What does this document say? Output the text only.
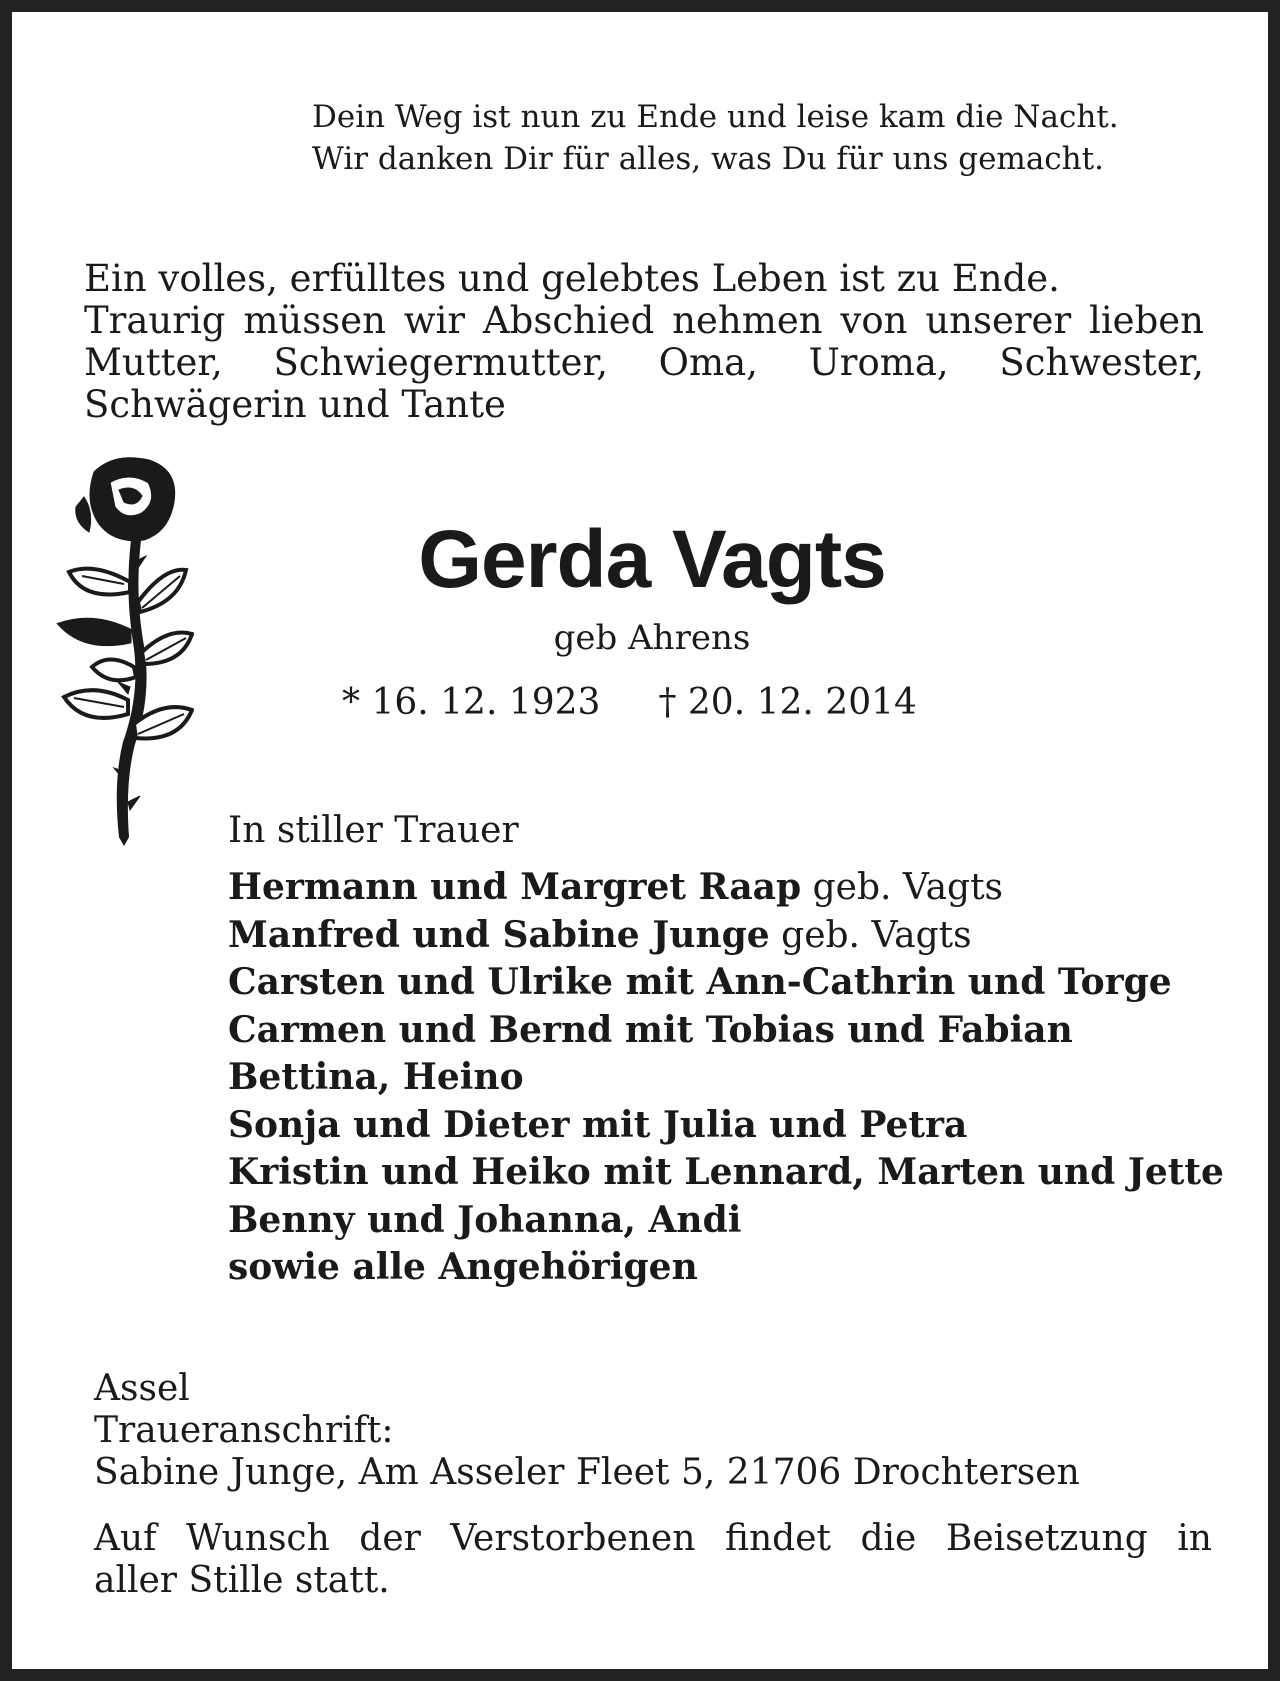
Dein Weg ist nun zu Ende und leise kam die Nacht.
Wir danken Dir für alles, was Du für uns gemacht.
Ein volles, erfülltes und gelebtes Leben ist zu Ende.
Traurig müssen wir Abschied nehmen von unserer lieben
Mutter, Schwiegermutter, Oma, Uroma, Schwester,
Schwägerin und Tante
Gerda Vagts
geb Ahrens
* 16. 12. 1923 † 20. 12. 2014
In stiller Trauer
Hermann und Margret Raap geb. Vagts
Manfred und Sabine Junge geb. Vagts
Carsten und Ulrike mit Ann-Cathrin und Torge
Carmen und Bernd mit Tobias und Fabian
Bettina, Heino
Sonja und Dieter mit Julia und Petra
Kristin und Heiko mit Lennard, Marten und Jette
Benny und Johanna, Andi
sowie alle Angehörigen
Assel
Traueranschrift:
Sabine Junge, Am Asseler Fleet 5, 21706 Drochtersen
Auf Wunsch der Verstorbenen findet die Beisetzung in
aller Stille statt.
